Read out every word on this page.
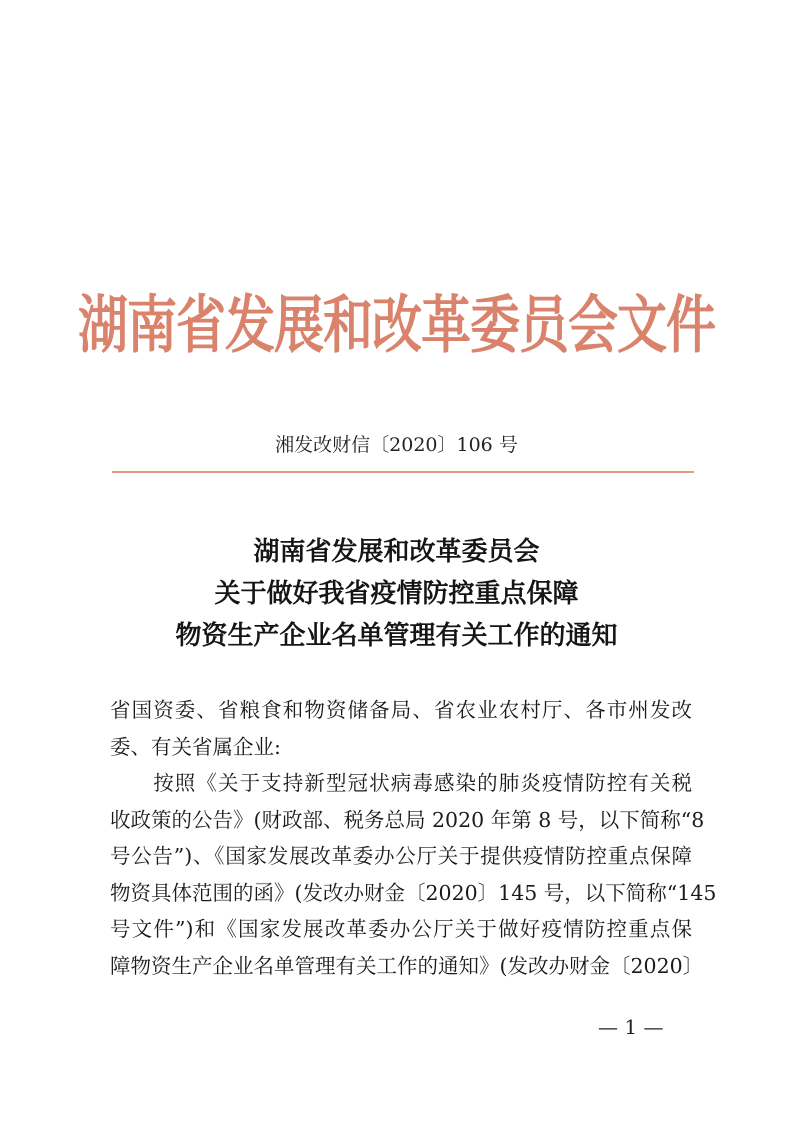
湖南省发展和改革委员会文件
湘发改财信〔2020〕106 号
湖南省发展和改革委员会
关于做好我省疫情防控重点保障
物资生产企业名单管理有关工作的通知
省国资委、省粮食和物资储备局、省农业农村厅、各市州发改
委、有关省属企业:
　　按照《关于支持新型冠状病毒感染的肺炎疫情防控有关税
收政策的公告》(财政部、税务总局 2020 年第 8 号，以下简称“8
号公告”)、《国家发展改革委办公厅关于提供疫情防控重点保障
物资具体范围的函》(发改办财金〔2020〕145 号，以下简称“145
号文件”)和《国家发展改革委办公厅关于做好疫情防控重点保
障物资生产企业名单管理有关工作的通知》(发改办财金〔2020〕
— 1 —
